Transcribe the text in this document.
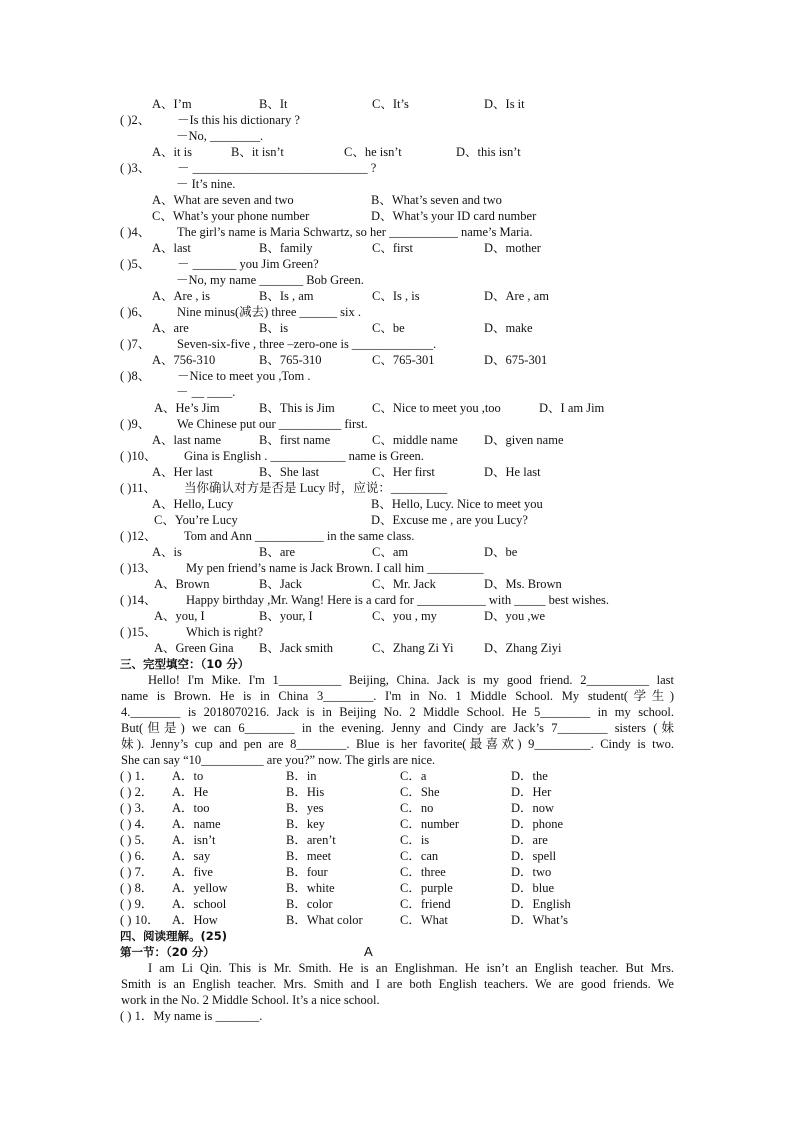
A、I’m	B、It	C、It’s	D、Is it
( )2、 －Is this his dictionary ?
－No, ________.
A、it is	B、it isn’t	C、he isn’t	D、this isn’t
( )3、 － ____________________________ ?
－ It’s nine.
A、What are seven and two	B、What’s seven and two
C、What’s your phone number	D、What’s your ID card number
( )4、 The girl’s name is Maria Schwartz, so her ___________ name’s Maria.
A、last	B、family	C、first	D、mother
( )5、 － _______ you Jim Green?
－No, my name _______ Bob Green.
A、Are , is	B、Is , am	C、Is , is	D、Are , am
( )6、 Nine minus(减去) three ______ six .
A、are	B、is	C、be	D、make
( )7、 Seven-six-five , three –zero-one is _____________.
A、756-310	B、765-310	C、765-301	D、675-301
( )8、 －Nice to meet you ,Tom .
－ __ ____.
A、He’s Jim	B、This is Jim	C、Nice to meet you ,too	D、I am Jim
( )9、 We Chinese put our __________ first.
A、last name	B、first name	C、middle name D、given name
( )10、 Gina is English . ____________ name is Green.
A、Her last	B、She last	C、Her first	D、He last
( )11、 当你确认对方是否是 Lucy 时，应说：_________
A、Hello, Lucy	B、Hello, Lucy. Nice to meet you
C、You’re Lucy	D、Excuse me , are you Lucy?
( )12、 Tom and Ann ___________ in the same class.
A、is	B、are	C、am	D、be
( )13、 My pen friend’s name is Jack Brown. I call him _________
A、Brown	B、Jack	C、Mr. Jack	D、Ms. Brown
( )14、 Happy birthday ,Mr. Wang! Here is a card for ___________ with _____ best wishes.
A、you, I	B、your, I	C、you , my	D、you ,we
( )15、 Which is right?
A、Green Gina B、Jack smith	C、Zhang Zi Yi D、Zhang Ziyi
三、完型填空：（10 分）
Hello! I'm Mike. I'm 1__________ Beijing, China. Jack is my good friend. 2__________ last
name is Brown. He is in China 3________. I'm in No. 1 Middle School. My student(学生)
4.________ is 2018070216. Jack is in Beijing No. 2 Middle School. He 5________ in my school.
But(但是) we can 6________ in the evening. Jenny and Cindy are Jack’s 7________ sisters (妹
妹). Jenny’s cup and pen are 8________. Blue is her favorite(最喜欢) 9_________. Cindy is two.
She can say “10__________ are you?” now. The girls are nice.
( ) 1． A．to	B．in	C．a	D．the
( ) 2． A．He	B．His	C．She	D．Her
( ) 3． A．too	B．yes	C．no	D．now
( ) 4． A．name	B．key	C．number	D．phone
( ) 5． A．isn’t	B．aren’t	C．is	D．are
( ) 6． A．say	B．meet	C．can	D．spell
( ) 7． A．five	B．four	C．three	D．two
( ) 8． A．yellow	B．white	C．purple	D．blue
( ) 9． A．school	B．color	C．friend	D．English
( ) 10． A．How	B．What color	C．What	D．What’s
四、阅读理解。(25)
第一节：（20 分）	A
I am Li Qin. This is Mr. Smith. He is an Englishman. He isn’t an English teacher. But Mrs.
Smith is an English teacher. Mrs. Smith and I are both English teachers. We are good friends. We
work in the No. 2 Middle School. It’s a nice school.
( ) 1．My name is _______.
